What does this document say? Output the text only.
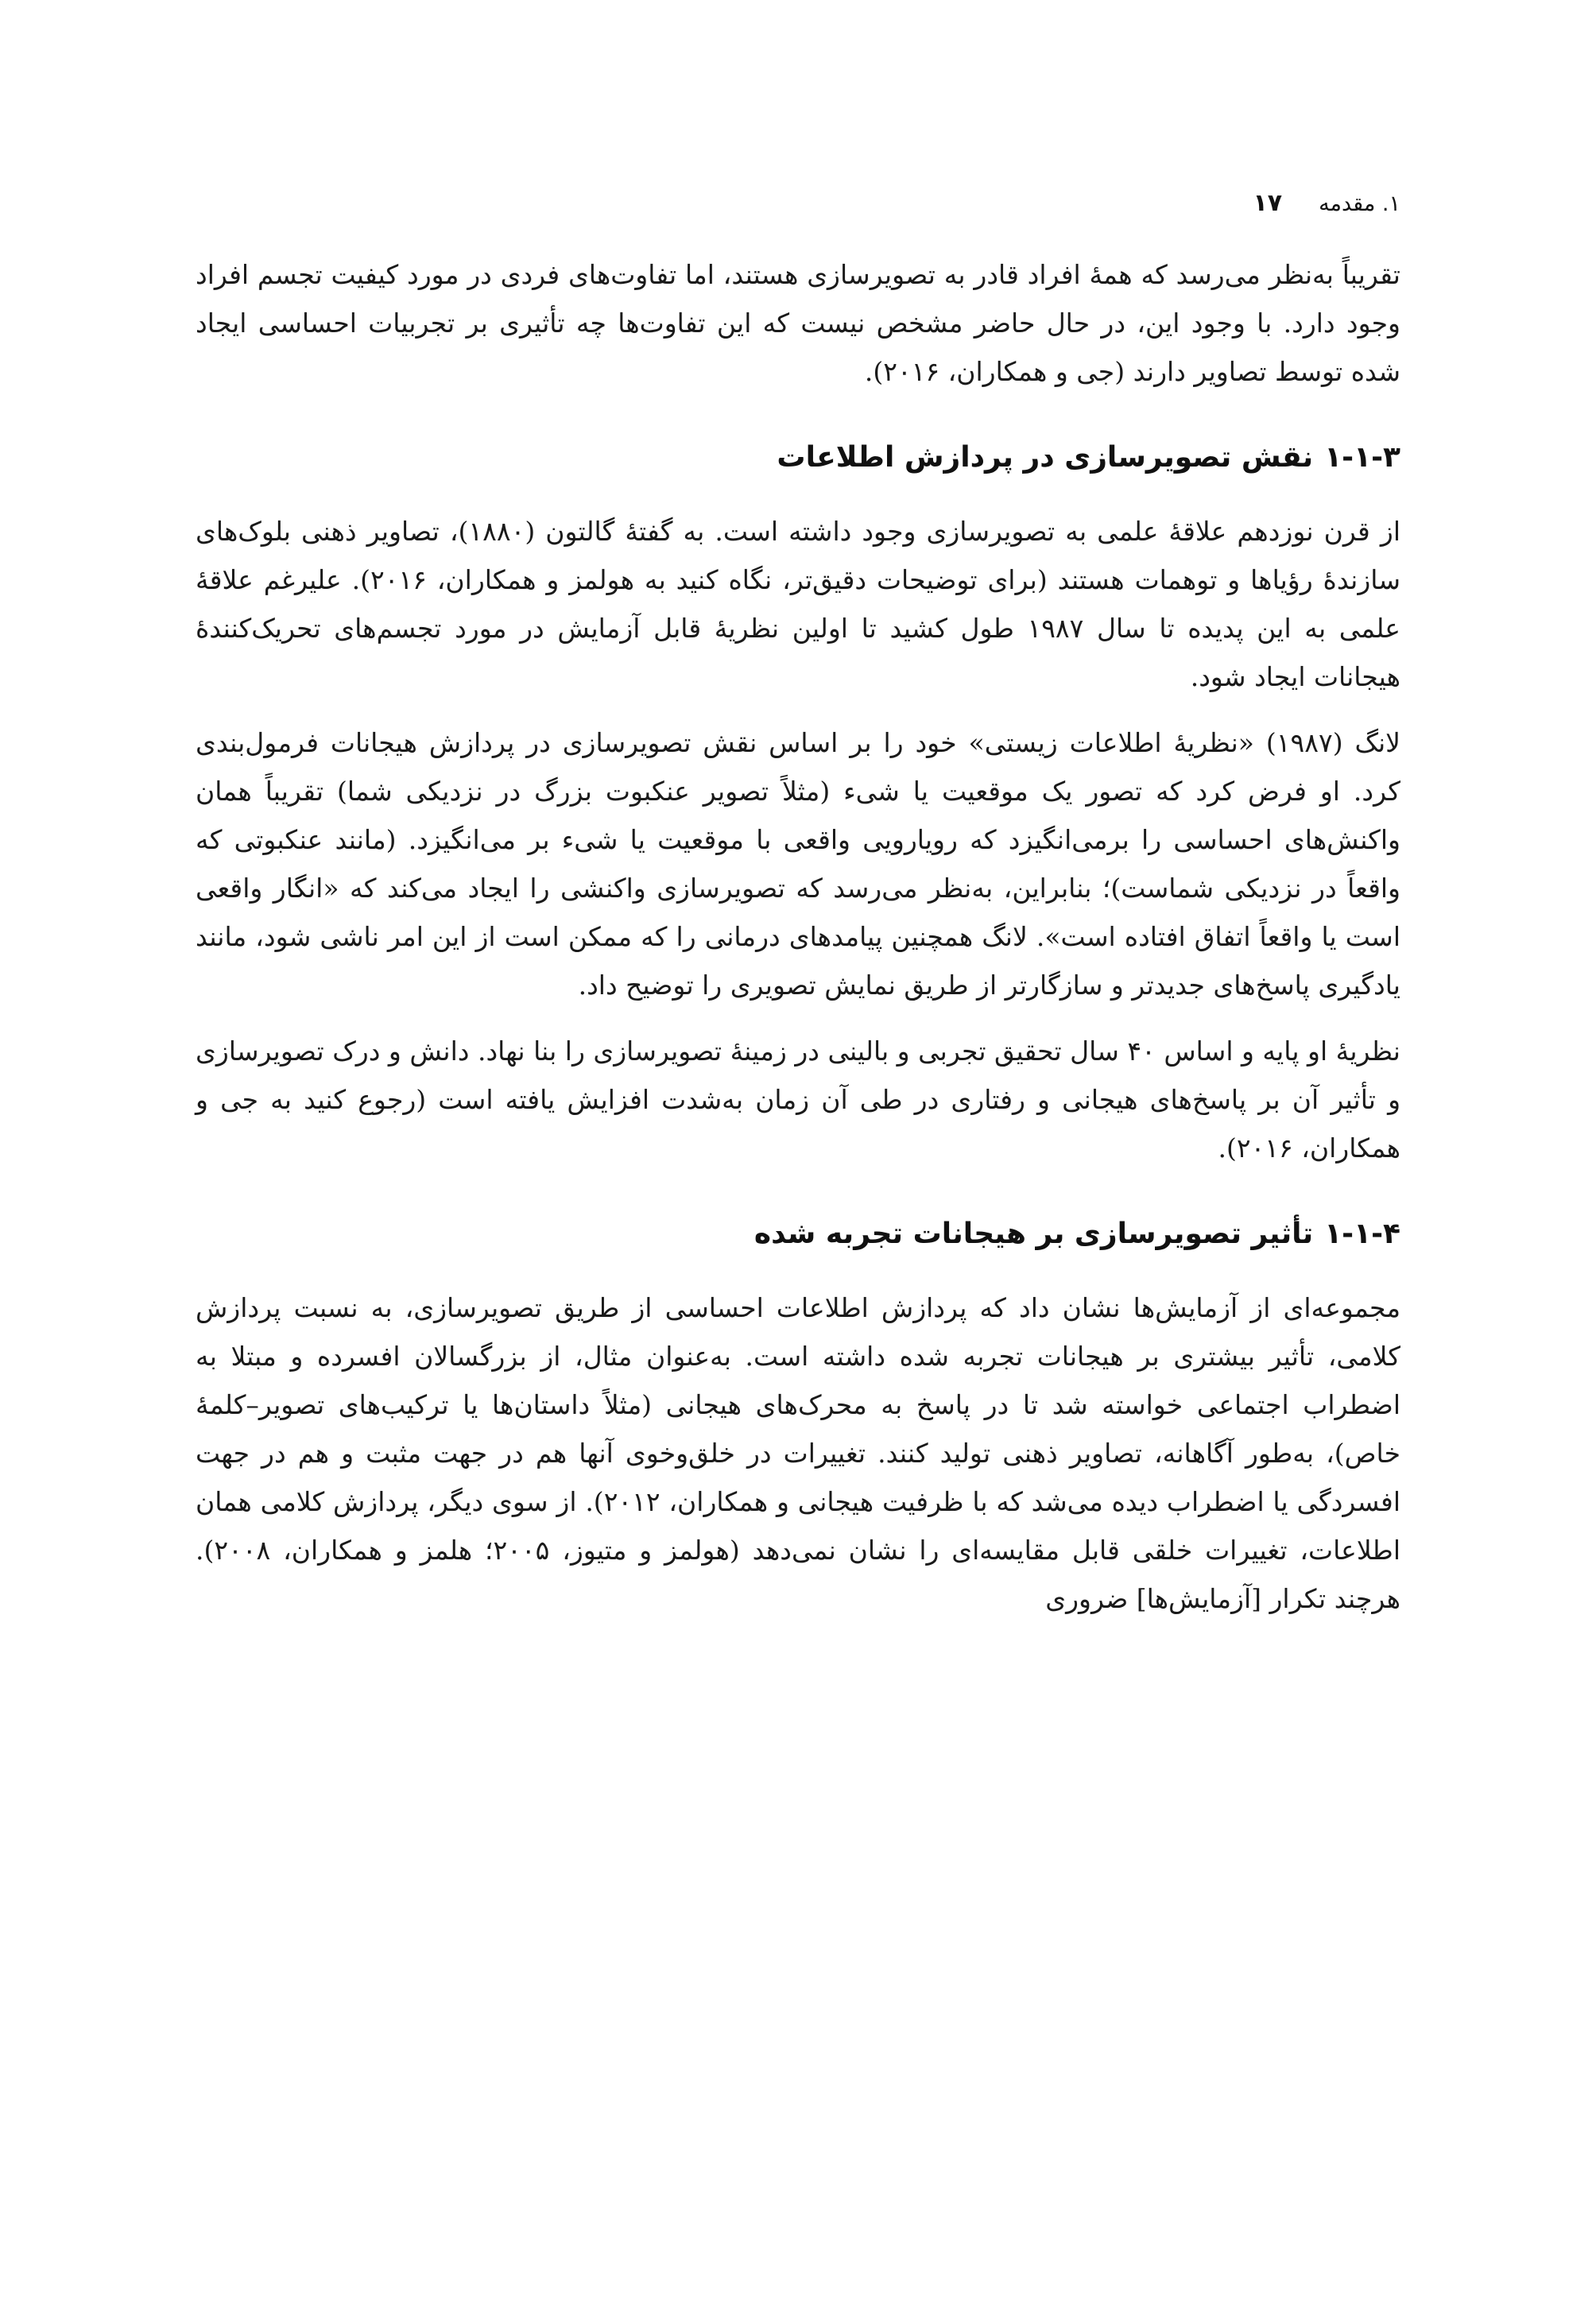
۱. مقدمه
۱۷

تقریباً به‌نظر می‌رسد که همهٔ افراد قادر به تصویرسازی هستند، اما تفاوت‌های فردی در مورد کیفیت تجسم افراد وجود دارد. با وجود این، در حال حاضر مشخص نیست که این تفاوت‌ها چه تأثیری بر تجربیات احساسی ایجاد شده توسط تصاویر دارند (جی و همکاران، ۲۰۱۶).

۱-۱-۳نقش تصویرسازی در پردازش اطلاعات

از قرن نوزدهم علاقهٔ علمی به تصویرسازی وجود داشته است. به گفتهٔ گالتون (۱۸۸۰)، تصاویر ذهنی بلوک‌های سازندهٔ رؤیاها و توهمات هستند (برای توضیحات دقیق‌تر، نگاه کنید به هولمز و همکاران، ۲۰۱۶). علیرغم علاقهٔ علمی به این پدیده تا سال ۱۹۸۷ طول کشید تا اولین نظریهٔ قابل آزمایش در مورد تجسم‌های تحریک‌کنندهٔ هیجانات ایجاد شود.

لانگ (۱۹۸۷) «نظریهٔ اطلاعات زیستی» خود را بر اساس نقش تصویرسازی در پردازش هیجانات فرمول‌بندی کرد. او فرض کرد که تصور یک موقعیت یا شیء (مثلاً تصویر عنکبوت بزرگ در نزدیکی شما) تقریباً همان واکنش‌های احساسی را برمی‌انگیزد که رویارویی واقعی با موقعیت یا شیء بر می‌انگیزد. (مانند عنکبوتی که واقعاً در نزدیکی شماست)؛ بنابراین، به‌نظر می‌رسد که تصویرسازی واکنشی را ایجاد می‌کند که «انگار واقعی است یا واقعاً اتفاق افتاده است». لانگ همچنین پیامدهای درمانی را که ممکن است از این امر ناشی شود، مانند یادگیری پاسخ‌های جدیدتر و سازگارتر از طریق نمایش تصویری را توضیح داد.

نظریهٔ او پایه و اساس ۴۰ سال تحقیق تجربی و بالینی در زمینهٔ تصویرسازی را بنا نهاد. دانش و درک تصویرسازی و تأثیر آن بر پاسخ‌های هیجانی و رفتاری در طی آن زمان به‌شدت افزایش یافته است (رجوع کنید به جی و همکاران، ۲۰۱۶).

۱-۱-۴تأثیر تصویرسازی بر هیجانات تجربه شده

مجموعه‌ای از آزمایش‌ها نشان داد که پردازش اطلاعات احساسی از طریق تصویرسازی، به نسبت پردازش کلامی، تأثیر بیشتری بر هیجانات تجربه شده داشته است. به‌عنوان مثال، از بزرگسالان افسرده و مبتلا به اضطراب اجتماعی خواسته شد تا در پاسخ به محرک‌های هیجانی (مثلاً داستان‌ها یا ترکیب‌های تصویر–کلمهٔ خاص)، به‌طور آگاهانه، تصاویر ذهنی تولید کنند. تغییرات در خلق‌وخوی آنها هم در جهت مثبت و هم در جهت افسردگی یا اضطراب دیده می‌شد که با ظرفیت هیجانی و همکاران، ۲۰۱۲). از سوی دیگر، پردازش کلامی همان اطلاعات، تغییرات خلقی قابل مقایسه‌ای را نشان نمی‌دهد (هولمز و متیوز، ۲۰۰۵؛ هلمز و همکاران، ۲۰۰۸). هرچند تکرار [آزمایش‌ها] ضروری
